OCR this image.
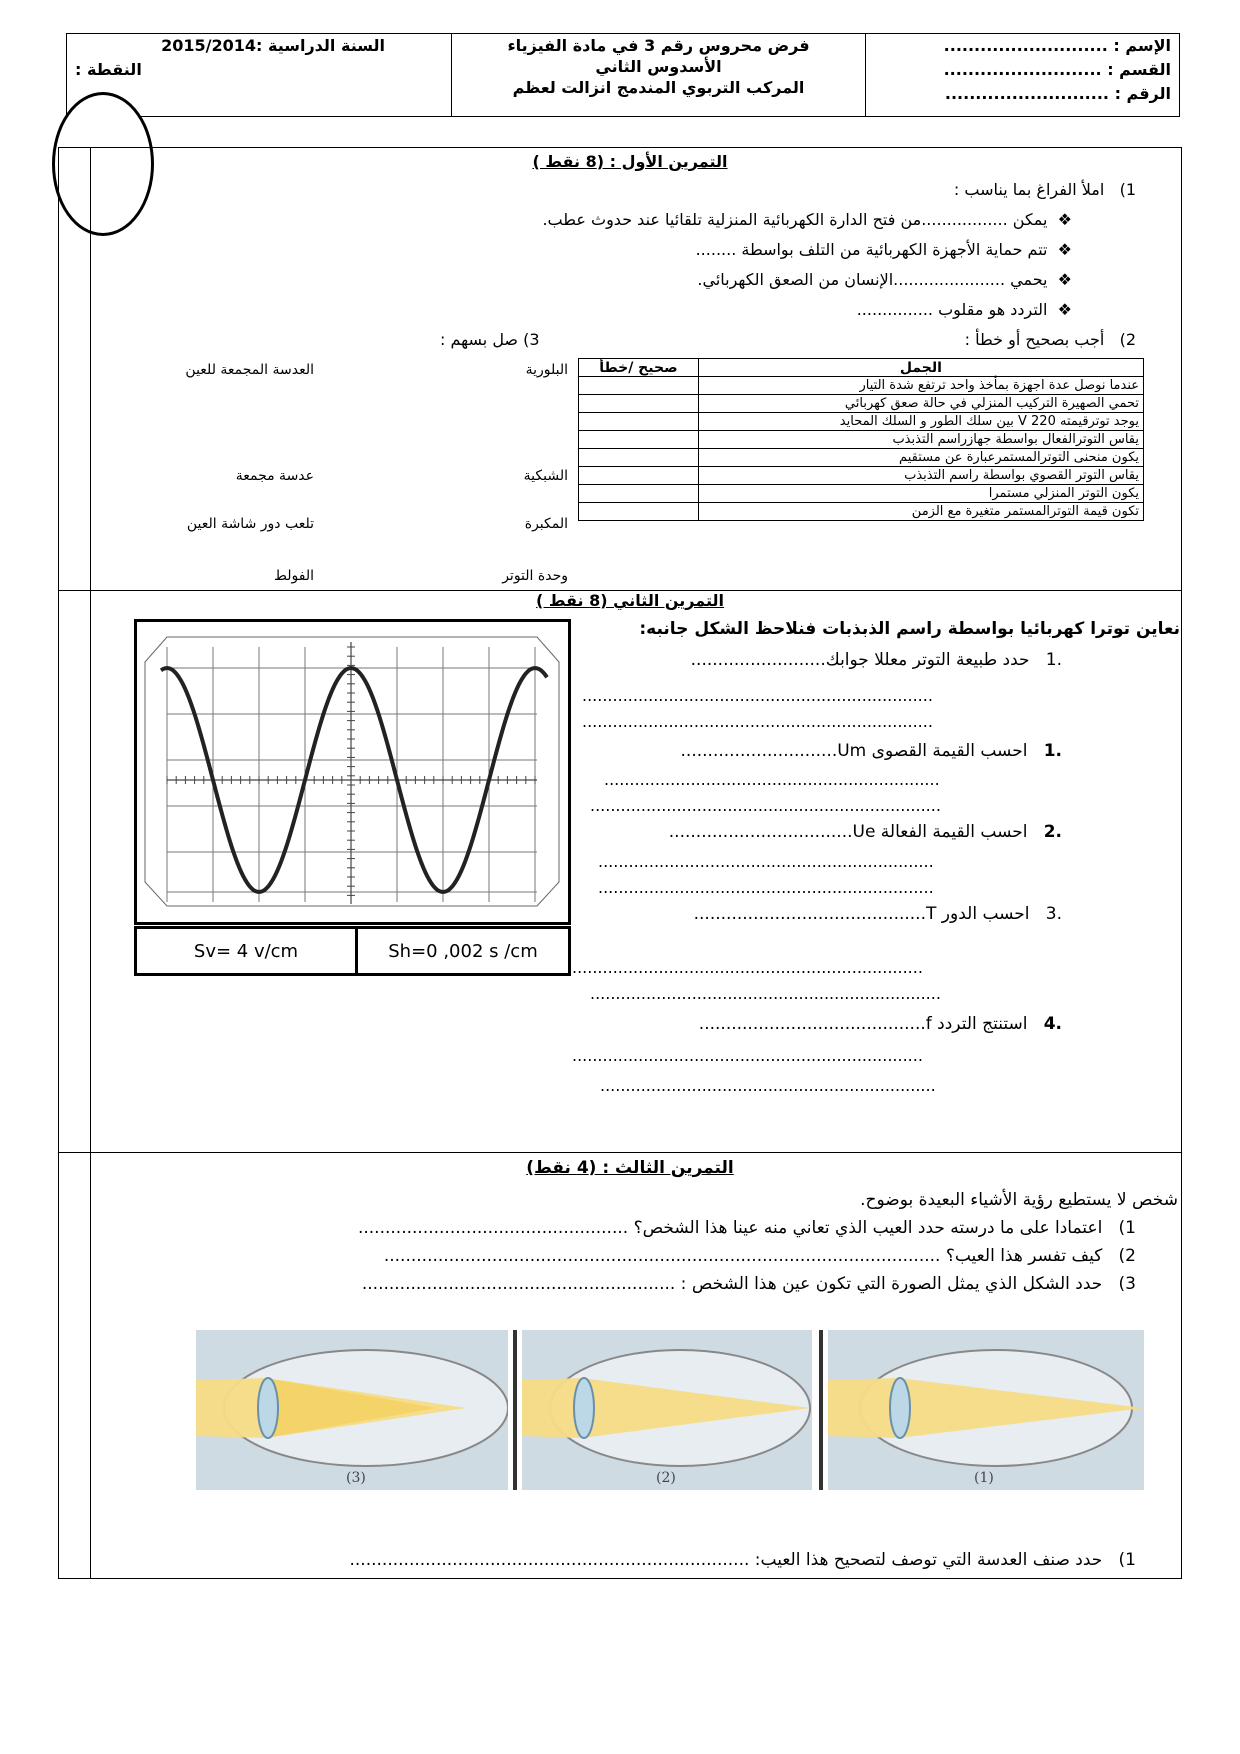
الإسم : ...........................
القسم : ..........................
الرقم : ...........................
فرض محروس رقم 3 في مادة الفيزياء
الأسدوس الثاني
المركب التربوي المندمج انزالت لعظم
السنة الدراسية :2015/2014
النقطة :
التمرين الأول : (8 نقط )
1)   املأ الفراغ بما يناسب :
❖  يمكن .................من فتح الدارة الكهربائية المنزلية تلقائيا عند حدوث عطب.
❖  تتم حماية الأجهزة الكهربائية من التلف بواسطة ........
❖  يحمي ......................الإنسان من الصعق الكهربائي.
❖  التردد هو مقلوب ...............
2)   أجب بصحيح أو خطأ :
3) صل بسهم :
الجمل	صحيح /خطأ
عندما نوصل عدة اجهزة بمأخذ واحد ترتفع شدة التيار	
تحمي الصهيرة التركيب المنزلي في حالة صعق كهربائي	
يوجد توترقيمته V 220 بين سلك الطور و السلك المحايد	
يقاس التوترالفعال بواسطة جهازراسم التذبذب	
يكون منحنى التوترالمستمرعبارة عن مستقيم	
يقاس التوتر القصوي بواسطة راسم التذبذب	
يكون التوتر المنزلي مستمرا	
تكون قيمة التوترالمستمر متغيرة مع الزمن	
البلورية
الشبكية
المكبرة
وحدة التوتر
العدسة المجمعة للعين
عدسة مجمعة
تلعب دور شاشة العين
الفولط
التمرين الثاني (8 نقط )
نعاين توترا كهربائيا بواسطة راسم الذبذبات فنلاحظ الشكل جانبه:
Sv= 4 v/cm	Sh=0 ,002 s /cm
.1   حدد طبيعة التوتر معللا جوابك.........................
.....................................................................
.....................................................................
.1   احسب القيمة القصوى Um.............................
..................................................................
.....................................................................
.2   احسب القيمة الفعالة Ue..................................
..................................................................
..................................................................
.3   احسب الدور T...........................................
.....................................................................
.....................................................................
.4   استنتج التردد f..........................................
.....................................................................
..................................................................
التمرين الثالث : (4 نقط)
شخص لا يستطيع رؤية الأشياء البعيدة بوضوح.
1)   اعتمادا على ما درسته حدد العيب الذي تعاني منه عينا هذا الشخص؟ ..................................................
2)   كيف تفسر هذا العيب؟ .......................................................................................................
3)   حدد الشكل الذي يمثل الصورة التي تكون عين هذا الشخص : ..........................................................
(3)	(2)	(1)
1)   حدد صنف العدسة التي توصف لتصحيح هذا العيب: ..........................................................................
